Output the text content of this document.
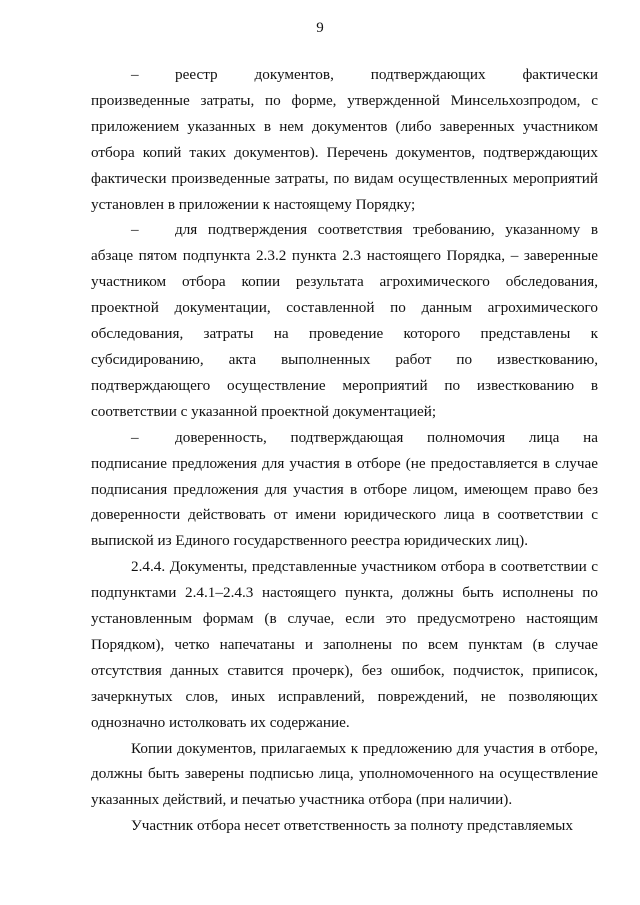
9

– реестр документов, подтверждающих фактически произведенные затраты, по форме, утвержденной Минсельхозпродом, с приложением указанных в нем документов (либо заверенных участником отбора копий таких документов). Перечень документов, подтверждающих фактически произведенные затраты, по видам осуществленных мероприятий установлен в приложении к настоящему Порядку;

– для подтверждения соответствия требованию, указанному в абзаце пятом подпункта 2.3.2 пункта 2.3 настоящего Порядка, – заверенные участником отбора копии результата агрохимического обследования, проектной документации, составленной по данным агрохимического обследования, затраты на проведение которого представлены к субсидированию, акта выполненных работ по известкованию, подтверждающего осуществление мероприятий по известкованию в соответствии с указанной проектной документацией;

– доверенность, подтверждающая полномочия лица на подписание предложения для участия в отборе (не предоставляется в случае подписания предложения для участия в отборе лицом, имеющем право без доверенности действовать от имени юридического лица в соответствии с выпиской из Единого государственного реестра юридических лиц).

2.4.4. Документы, представленные участником отбора в соответствии с подпунктами 2.4.1–2.4.3 настоящего пункта, должны быть исполнены по установленным формам (в случае, если это предусмотрено настоящим Порядком), четко напечатаны и заполнены по всем пунктам (в случае отсутствия данных ставится прочерк), без ошибок, подчисток, приписок, зачеркнутых слов, иных исправлений, повреждений, не позволяющих однозначно истолковать их содержание.

Копии документов, прилагаемых к предложению для участия в отборе, должны быть заверены подписью лица, уполномоченного на осуществление указанных действий, и печатью участника отбора (при наличии).

Участник отбора несет ответственность за полноту представляемых
